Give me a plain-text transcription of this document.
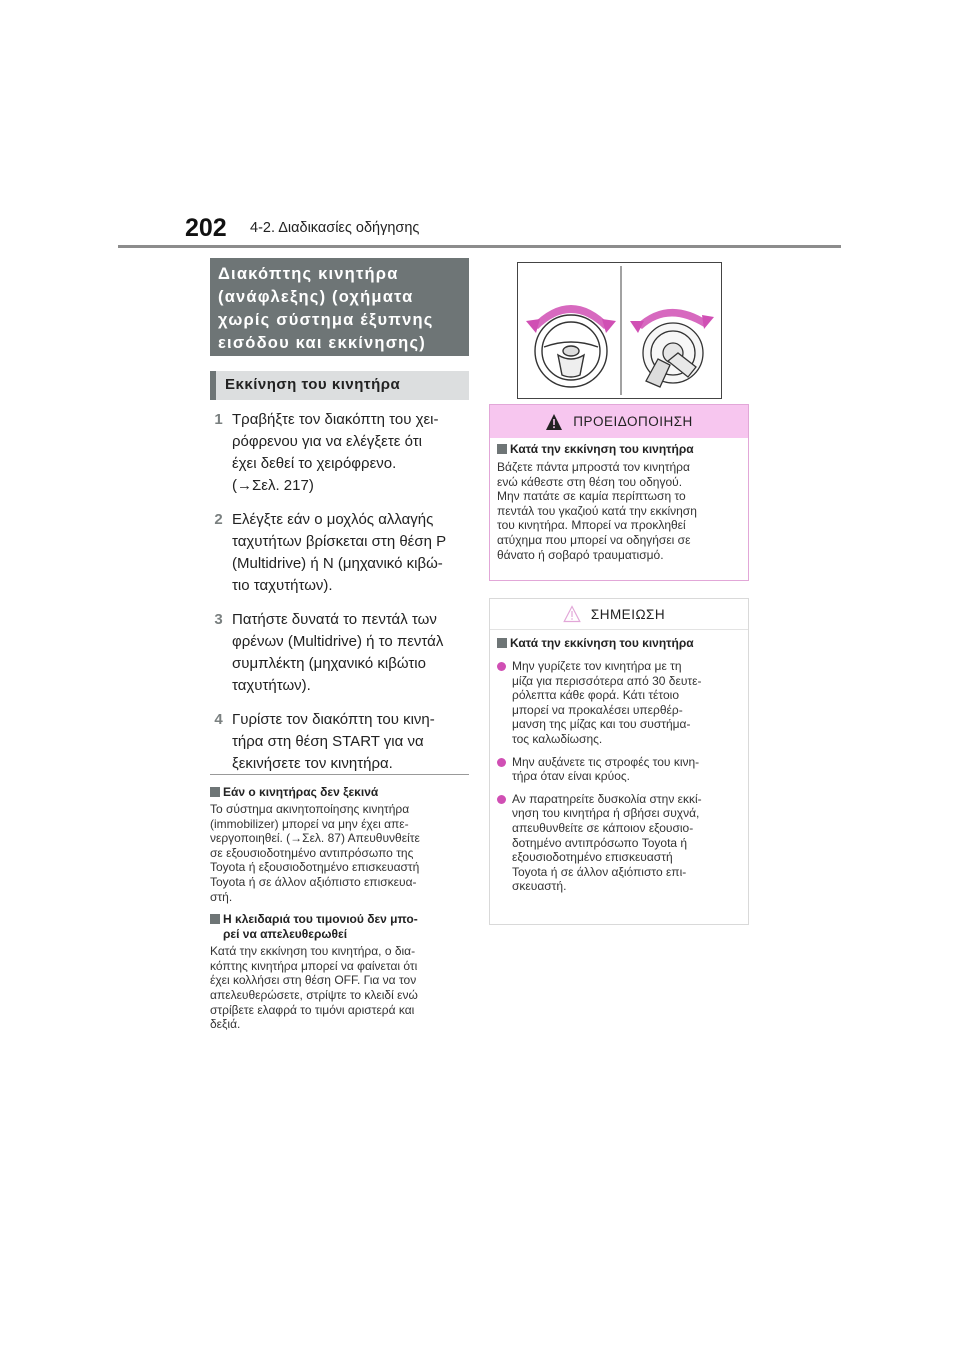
202 4-2. Διαδικασίες οδήγησης
Διακόπτης κινητήρα
(ανάφλεξης) (οχήματα
χωρίς σύστημα έξυπνης
εισόδου και εκκίνησης)
Εκκίνηση του κινητήρα
1 Τραβήξτε τον διακόπτη του χει-
ρόφρενου για να ελέγξετε ότι
έχει δεθεί το χειρόφρενο.
(→Σελ. 217)
2 Ελέγξτε εάν ο μοχλός αλλαγής
ταχυτήτων βρίσκεται στη θέση P
(Multidrive) ή N (μηχανικό κιβώ-
τιο ταχυτήτων).
3 Πατήστε δυνατά το πεντάλ των
φρένων (Multidrive) ή το πεντάλ
συμπλέκτη (μηχανικό κιβώτιο
ταχυτήτων).
4 Γυρίστε τον διακόπτη του κινη-
τήρα στη θέση START για να
ξεκινήσετε τον κινητήρα.
Εάν ο κινητήρας δεν ξεκινά
Το σύστημα ακινητοποίησης κινητήρα
(immobilizer) μπορεί να μην έχει απε-
νεργοποιηθεί. (→Σελ. 87) Απευθυνθείτε
σε εξουσιοδοτημένο αντιπρόσωπο της
Toyota ή εξουσιοδοτημένο επισκευαστή
Toyota ή σε άλλον αξιόπιστο επισκευα-
στή.
Η κλειδαριά του τιμονιού δεν μπο-
ρεί να απελευθερωθεί
Κατά την εκκίνηση του κινητήρα, ο δια-
κόπτης κινητήρα μπορεί να φαίνεται ότι
έχει κολλήσει στη θέση OFF. Για να τον
απελευθερώσετε, στρίψτε το κλειδί ενώ
στρίβετε ελαφρά το τιμόνι αριστερά και
δεξιά.
ΠΡΟΕΙΔΟΠΟΙΗΣΗ
Κατά την εκκίνηση του κινητήρα
Βάζετε πάντα μπροστά τον κινητήρα
ενώ κάθεστε στη θέση του οδηγού.
Μην πατάτε σε καμία περίπτωση το
πεντάλ του γκαζιού κατά την εκκίνηση
του κινητήρα. Μπορεί να προκληθεί
ατύχημα που μπορεί να οδηγήσει σε
θάνατο ή σοβαρό τραυματισμό.
ΣΗΜΕΙΩΣΗ
Κατά την εκκίνηση του κινητήρα
Μην γυρίζετε τον κινητήρα με τη
μίζα για περισσότερα από 30 δευτε-
ρόλεπτα κάθε φορά. Κάτι τέτοιο
μπορεί να προκαλέσει υπερθέρ-
μανση της μίζας και του συστήμα-
τος καλωδίωσης.
Μην αυξάνετε τις στροφές του κινη-
τήρα όταν είναι κρύος.
Αν παρατηρείτε δυσκολία στην εκκί-
νηση του κινητήρα ή σβήσει συχνά,
απευθυνθείτε σε κάποιον εξουσιο-
δοτημένο αντιπρόσωπο Toyota ή
εξουσιοδοτημένο επισκευαστή
Toyota ή σε άλλον αξιόπιστο επι-
σκευαστή.
